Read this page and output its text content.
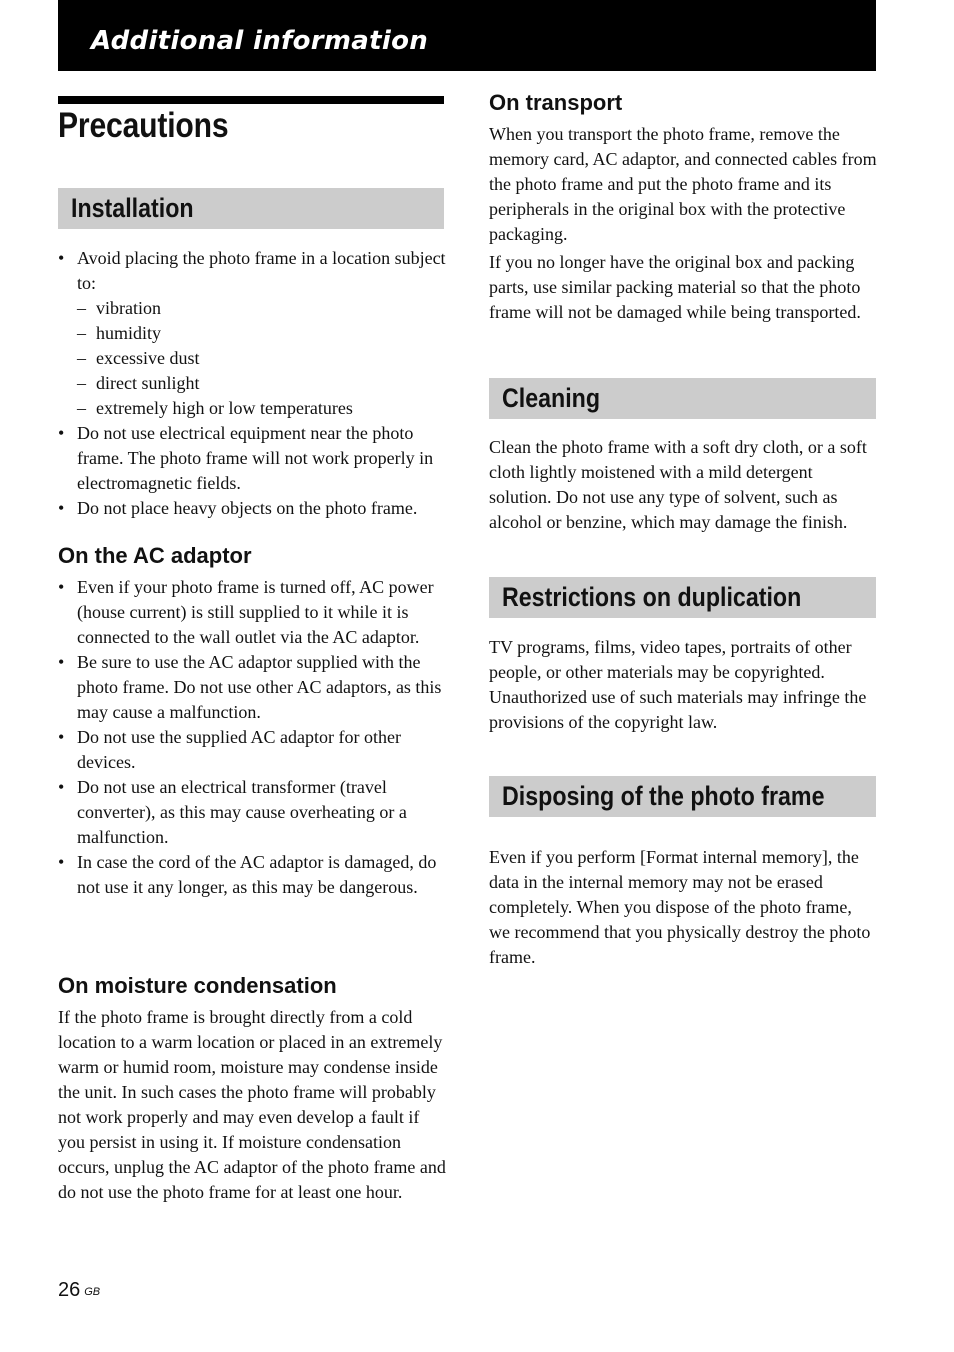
Additional information
Precautions
Installation
• Avoid placing the photo frame in a location subject to:
– vibration
– humidity
– excessive dust
– direct sunlight
– extremely high or low temperatures
• Do not use electrical equipment near the photo frame. The photo frame will not work properly in electromagnetic fields.
• Do not place heavy objects on the photo frame.
On the AC adaptor
• Even if your photo frame is turned off, AC power (house current) is still supplied to it while it is connected to the wall outlet via the AC adaptor.
• Be sure to use the AC adaptor supplied with the photo frame. Do not use other AC adaptors, as this may cause a malfunction.
• Do not use the supplied AC adaptor for other devices.
• Do not use an electrical transformer (travel converter), as this may cause overheating or a malfunction.
• In case the cord of the AC adaptor is damaged, do not use it any longer, as this may be dangerous.
On moisture condensation

If the photo frame is brought directly from a cold location to a warm location or placed in an extremely warm or humid room, moisture may condense inside the unit. In such cases the photo frame will probably not work properly and may even develop a fault if you persist in using it. If moisture condensation occurs, unplug the AC adaptor of the photo frame and do not use the photo frame for at least one hour.

On transport

When you transport the photo frame, remove the memory card, AC adaptor, and connected cables from the photo frame and put the photo frame and its peripherals in the original box with the protective packaging.

If you no longer have the original box and packing parts, use similar packing material so that the photo frame will not be damaged while being transported.

Cleaning

Clean the photo frame with a soft dry cloth, or a soft cloth lightly moistened with a mild detergent solution. Do not use any type of solvent, such as alcohol or benzine, which may damage the finish.

Restrictions on duplication

TV programs, films, video tapes, portraits of other people, or other materials may be copyrighted. Unauthorized use of such materials may infringe the provisions of the copyright law.

Disposing of the photo frame

Even if you perform [Format internal memory], the data in the internal memory may not be erased completely. When you dispose of the photo frame, we recommend that you physically destroy the photo frame.

26 $^{GB}$
